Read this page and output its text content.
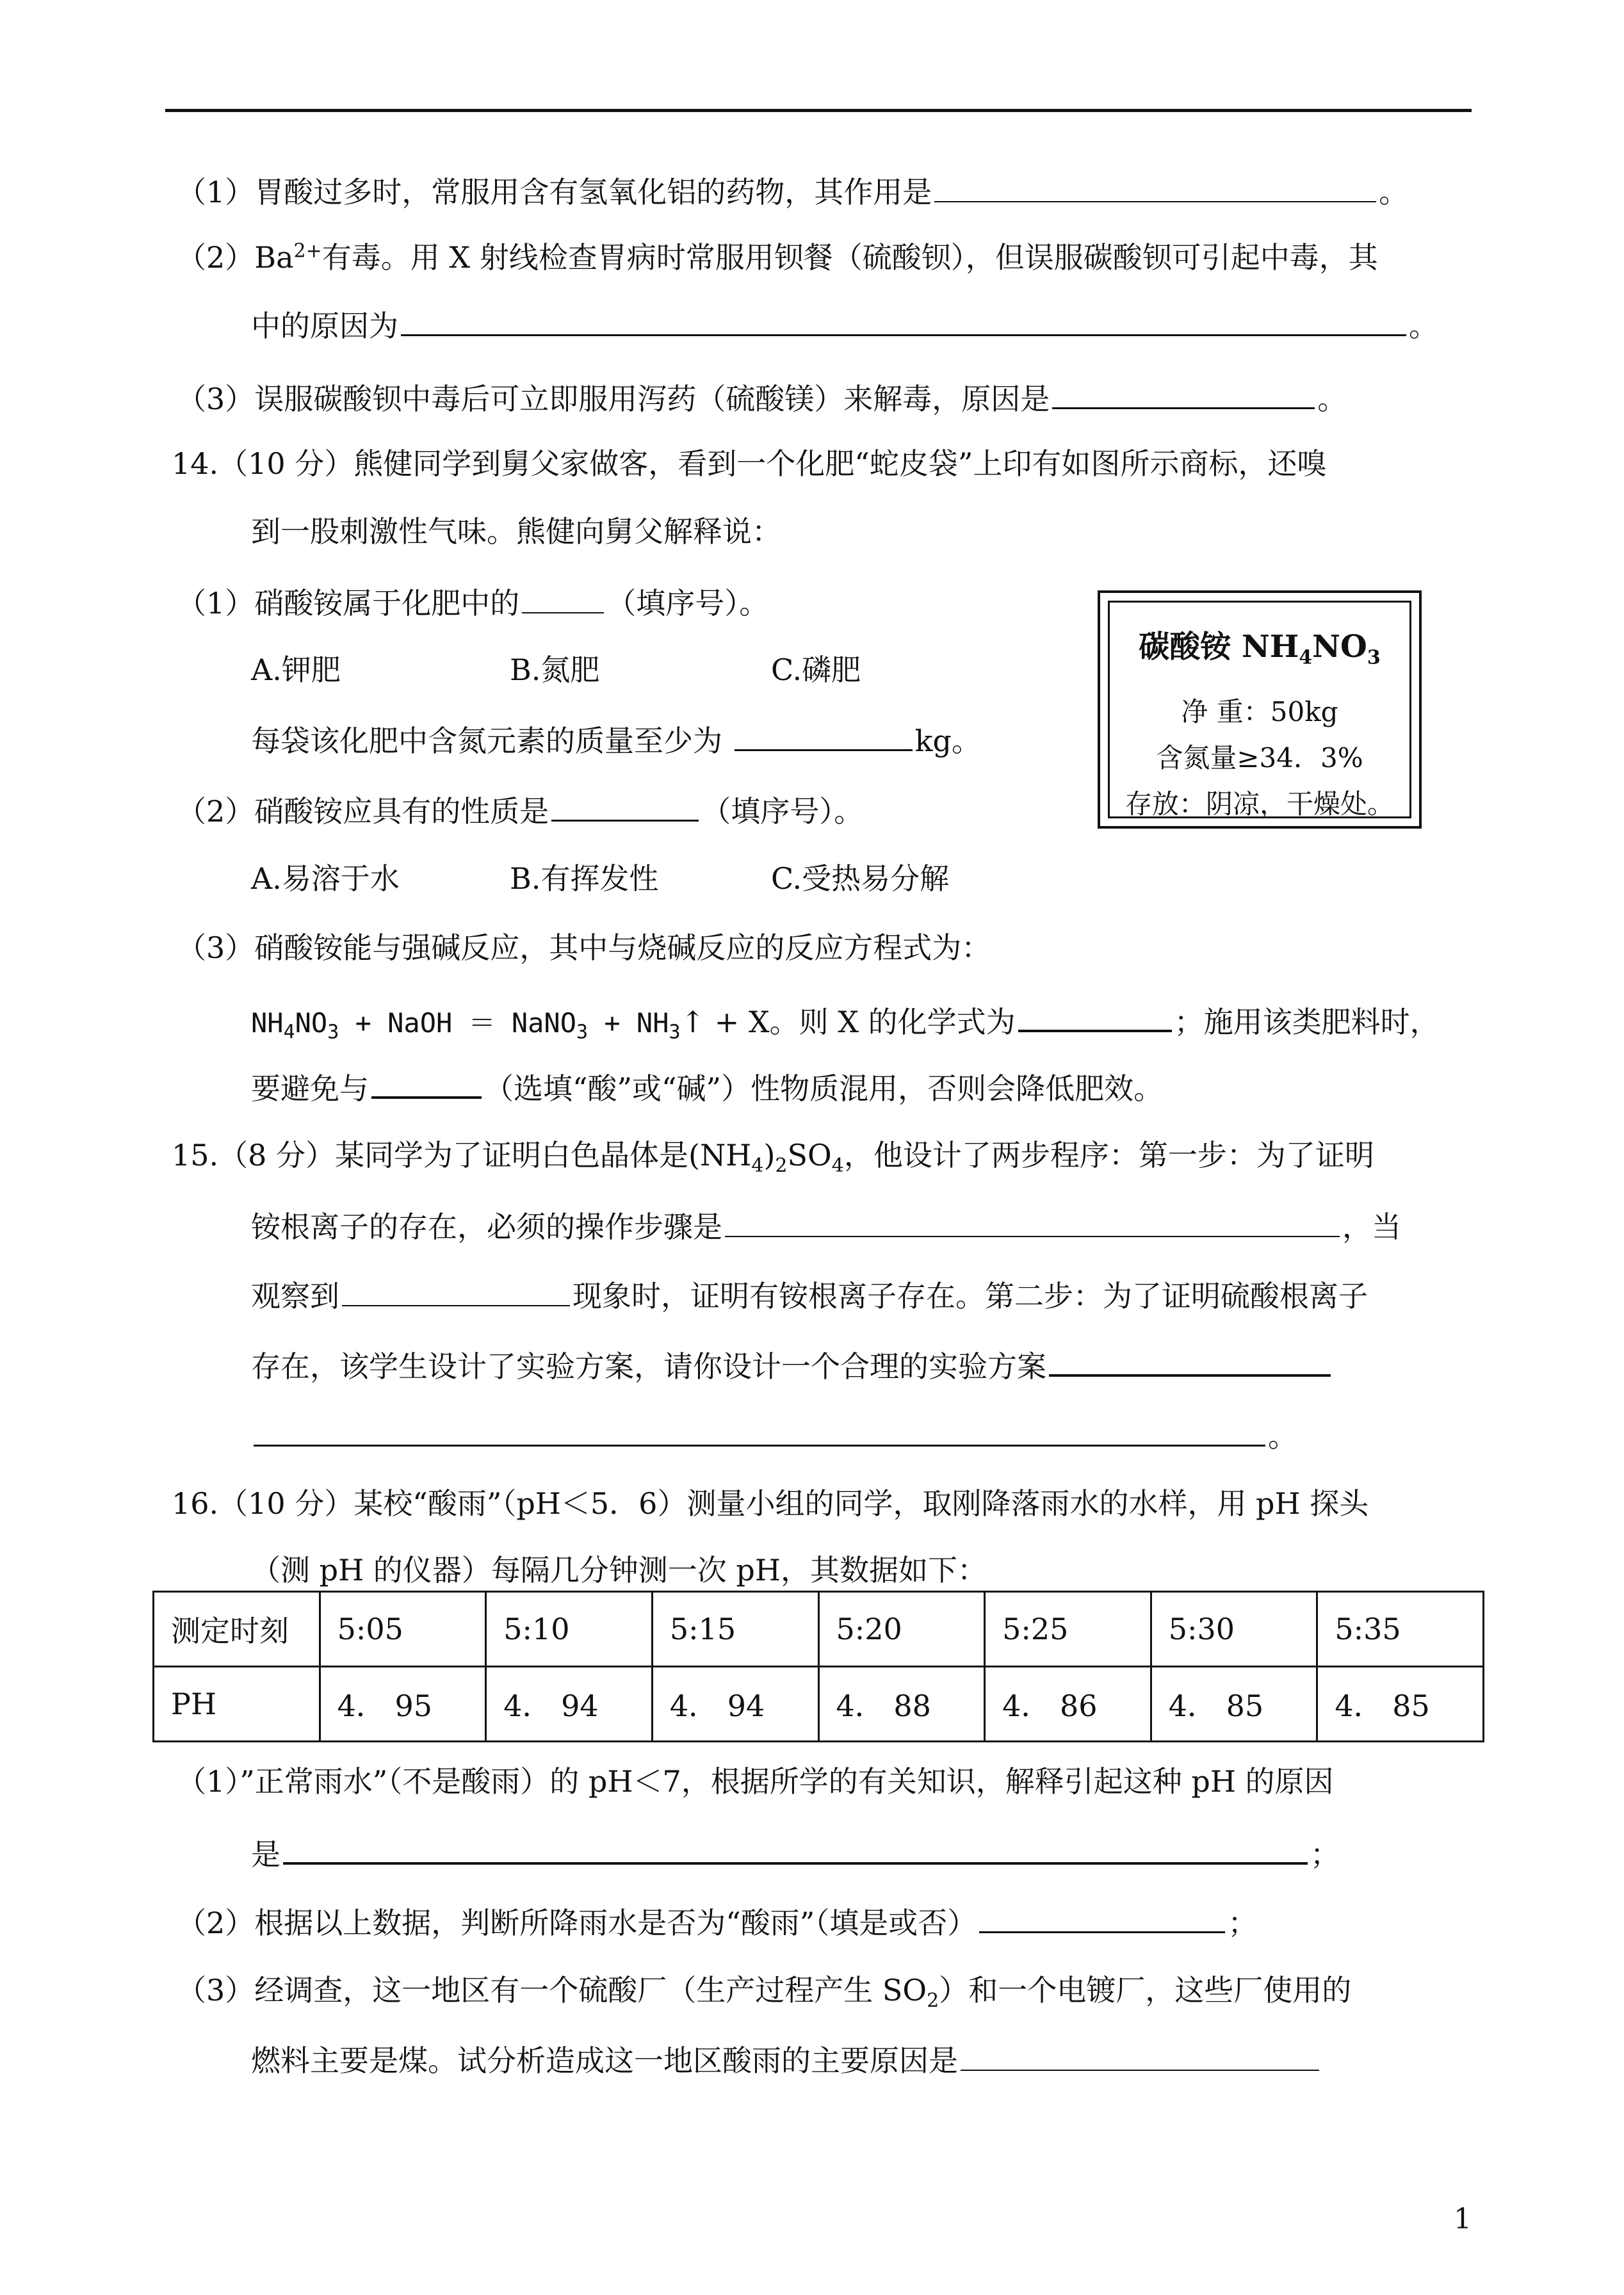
（1）胃酸过多时，常服用含有氢氧化铝的药物，其作用是	。
$(2)Ba^{2+}$有毒。用 X 射线检查胃病时常服用钡餐（硫酸钡），但误服碳酸钡可引起中毒，其
中的原因为	。
（3）误服碳酸钡中毒后可立即服用泻药（硫酸镁）来解毒，原因是	。
14.（10 分）熊健同学到舅父家做客，看到一个化肥“蛇皮袋”上印有如图所示商标，还嗅
到一股刺激性气味。熊健向舅父解释说：
（1）硝酸铵属于化肥中的	（填序号）。
A.钾肥	B.氮肥	C.磷肥
每袋该化肥中含氮元素的质量至少为	kg。
（2）硝酸铵应具有的性质是	（填序号）。
A.易溶于水	B.有挥发性	C.受热易分解
（3）硝酸铵能与强碱反应，其中与烧碱反应的反应方程式为：
$NH_4NO_3$ + NaOH ＝ NaNO$_3$ + $NH_3↑ + X$。则 X 的化学式为	；施用该类肥料时，
要避免与	（选填“酸”或“碱”）性物质混用，否则会降低肥效。
碳酸铵 $NH_4NO_3$
净 重：50kg
含氮量≥34．3%
存放：阴凉，干燥处。
15.（8 分）某同学为了证明白色晶体是$(NH_4)_2SO_4$，他设计了两步程序：第一步：为了证明
铵根离子的存在，必须的操作步骤是	，当
观察到	现象时，证明有铵根离子存在。第二步：为了证明硫酸根离子
存在，该学生设计了实验方案，请你设计一个合理的实验方案
。
16.（10 分）某校“酸雨”（pH＜5．6）测量小组的同学，取刚降落雨水的水样，用 pH 探头
（测 pH 的仪器）每隔几分钟测一次 pH，其数据如下：
测定时刻	5:05	5:10	5:15	5:20	5:25	5:30	5:35
PH	4． 95	4． 94	4． 94	4． 88	4． 86	4． 85	4． 85
（1）”正常雨水”（不是酸雨）的 pH＜7，根据所学的有关知识，解释引起这种 pH 的原因
是	；
（2）根据以上数据，判断所降雨水是否为“酸雨”（填是或否）	；
（3）经调查，这一地区有一个硫酸厂（生产过程产生 $SO_2$）和一个电镀厂，这些厂使用的
燃料主要是煤。试分析造成这一地区酸雨的主要原因是
1
